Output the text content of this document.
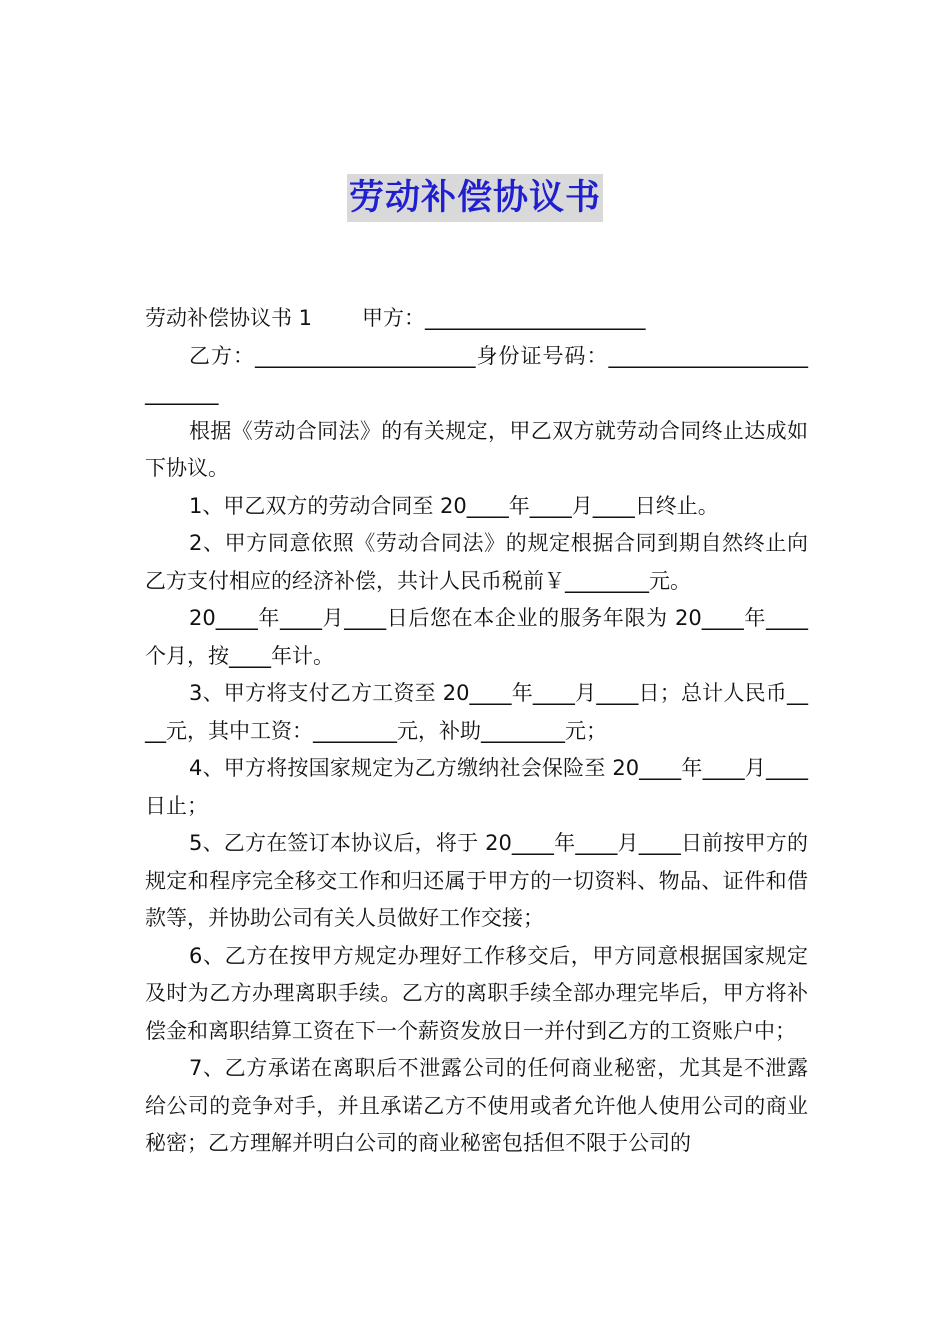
劳动补偿协议书

劳动补偿协议书 1 甲方：_____________________

乙方：_____________________身份证号码：__________________________

根据《劳动合同法》的有关规定，甲乙双方就劳动合同终止达成如下协议。

1、甲乙双方的劳动合同至 20____年____月____日终止。

2、甲方同意依照《劳动合同法》的规定根据合同到期自然终止向乙方支付相应的经济补偿，共计人民币税前￥________元。

20____年____月____日后您在本企业的服务年限为 20____年____个月，按____年计。

3、甲方将支付乙方工资至 20____年____月____日；总计人民币____元，其中工资：________元，补助________元；

4、甲方将按国家规定为乙方缴纳社会保险至 20____年____月____日止；

5、乙方在签订本协议后，将于 20____年____月____日前按甲方的规定和程序完全移交工作和归还属于甲方的一切资料、物品、证件和借款等，并协助公司有关人员做好工作交接；

6、乙方在按甲方规定办理好工作移交后，甲方同意根据国家规定及时为乙方办理离职手续。乙方的离职手续全部办理完毕后，甲方将补偿金和离职结算工资在下一个薪资发放日一并付到乙方的工资账户中；

7、乙方承诺在离职后不泄露公司的任何商业秘密，尤其是不泄露给公司的竞争对手，并且承诺乙方不使用或者允许他人使用公司的商业秘密；乙方理解并明白公司的商业秘密包括但不限于公司的
